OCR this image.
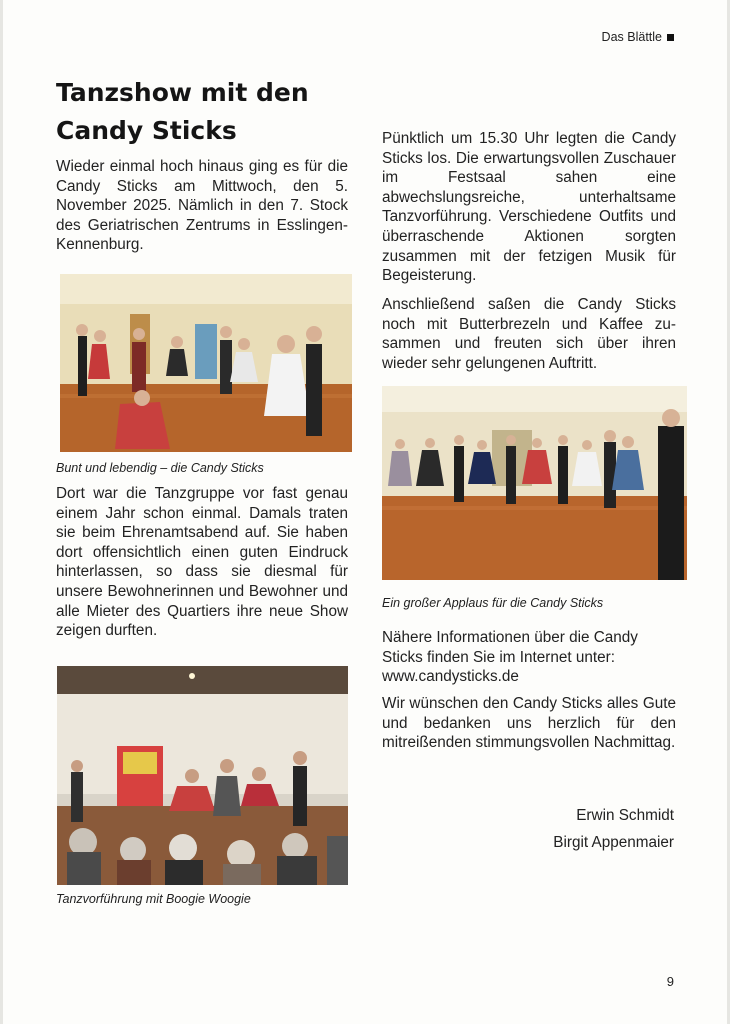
Das Blättle
Tanzshow mit den Candy Sticks

Wieder einmal hoch hinaus ging es für die Candy Sticks am Mittwoch, den 5. November 2025. Nämlich in den 7. Stock des Geriatrischen Zentrums in Esslingen-Kennenburg.

Bunt und lebendig – die Candy Sticks

Dort war die Tanzgruppe vor fast genau einem Jahr schon einmal. Damals traten sie beim Ehrenamtsabend auf. Sie haben dort offensichtlich einen guten Eindruck hinterlassen, so dass sie diesmal für unsere Bewohnerinnen und Bewohner und alle Mieter des Quartiers ihre neue Show zeigen durften.

Tanzvorführung mit Boogie Woogie

Pünktlich um 15.30 Uhr legten die Candy Sticks los. Die erwartungsvollen Zuschauer im Festsaal sahen eine abwechslungsreiche, unterhaltsame Tanzvorführung. Verschiedene Outfits und überraschende Aktionen sorgten zusammen mit der fetzigen Musik für Begeisterung.

Anschließend saßen die Candy Sticks noch mit Butterbrezeln und Kaffee zusammen und freuten sich über ihren wieder sehr gelungenen Auftritt.

Ein großer Applaus für die Candy Sticks

Nähere Informationen über die Candy Sticks finden Sie im Internet unter: www.candysticks.de

Wir wünschen den Candy Sticks alles Gute und bedanken uns herzlich für den mitreißenden stimmungsvollen Nachmittag.

Erwin Schmidt
Birgit Appenmaier
9
